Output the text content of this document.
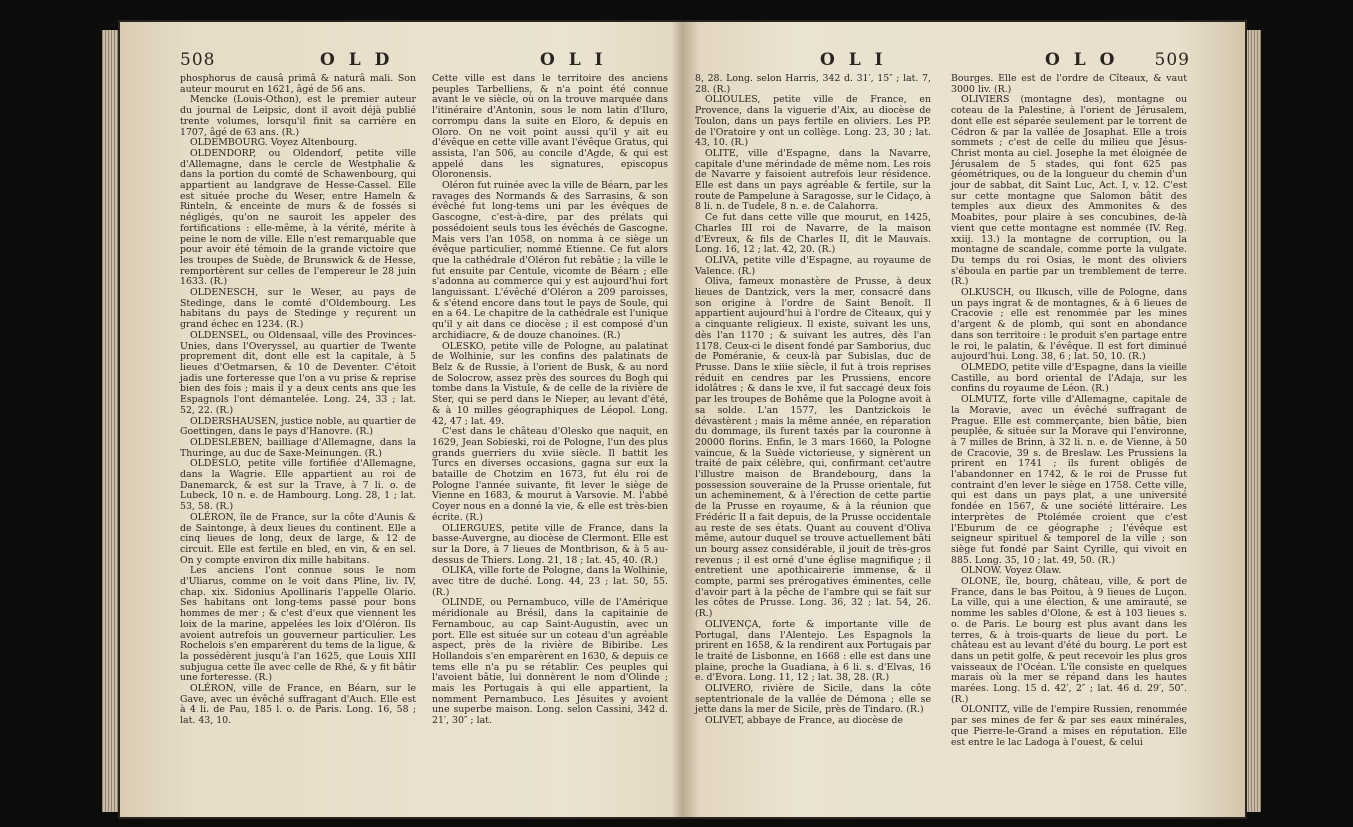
508	O L D	O L I

phosphorus de causâ primâ & naturâ mali. Son auteur mourut en 1621, âgé de 56 ans.

Mencke (Louis-Othon), est le premier auteur du journal de Leipsic, dont il avoit déjà publié trente volumes, lorsqu'il finit sa carrière en 1707, âgé de 63 ans. (R.)

OLDEMBOURG. Voyez Altenbourg.

OLDENDORP, ou Oldendorf, petite ville d'Allemagne, dans le cercle de Westphalie & dans la portion du comté de Schawenbourg, qui appartient au landgrave de Hesse-Cassel. Elle est située proche du Weser, entre Hameln & Rinteln, & enceinte de murs & de fossés si négligés, qu'on ne sauroit les appeler des fortifications : elle-même, à la vérité, mérite à peine le nom de ville. Elle n'est remarquable que pour avoir été témoin de la grande victoire que les troupes de Suède, de Brunswick & de Hesse, remportèrent sur celles de l'empereur le 28 juin 1633. (R.)

OLDENESCH, sur le Weser, au pays de Stedinge, dans le comté d'Oldembourg. Les habitans du pays de Stedinge y reçurent un grand échec en 1234. (R.)

OLDENSEL, ou Oldensaal, ville des Provinces-Unies, dans l'Overyssel, au quartier de Twente proprement dit, dont elle est la capitale, à 5 lieues d'Oetmarsen, & 10 de Deventer. C'étoit jadis une forteresse que l'on a vu prise & reprise bien des fois ; mais il y a deux cents ans que les Espagnols l'ont démantelée. Long. 24, 33 ; lat. 52, 22. (R.)

OLDERSHAUSEN, justice noble, au quartier de Goettingen, dans le pays d'Hanovre. (R.)

OLDESLEBEN, bailliage d'Allemagne, dans la Thuringe, au duc de Saxe-Meinungen. (R.)

OLDESLO, petite ville fortifiée d'Allemagne, dans la Wagrie. Elle appartient au roi de Danemarck, & est sur la Trave, à 7 li. o. de Lubeck, 10 n. e. de Hambourg. Long. 28, 1 ; lat. 53, 58. (R.)

OLÉRON, île de France, sur la côte d'Aunis & de Saintonge, à deux lieues du continent. Elle a cinq lieues de long, deux de large, & 12 de circuit. Elle est fertile en bled, en vin, & en sel. On y compte environ dix mille habitans.

Les anciens l'ont connue sous le nom d'Uliarus, comme on le voit dans Pline, liv. IV, chap. xix. Sidonius Apollinaris l'appelle Olario. Ses habitans ont long-tems passé pour bons hommes de mer ; & c'est d'eux que viennent les loix de la marine, appelées les loix d'Oléron. Ils avoient autrefois un gouverneur particulier. Les Rochelois s'en emparèrent du tems de la ligue, & la possédèrent jusqu'à l'an 1625, que Louis XIII subjugua cette île avec celle de Rhé, & y fit bâtir une forteresse. (R.)

OLÉRON, ville de France, en Béarn, sur le Gave, avec un évêché suffragant d'Auch. Elle est à 4 li. de Pau, 185 l. o. de Paris. Long. 16, 58 ; lat. 43, 10.

Cette ville est dans le territoire des anciens peuples Tarbelliens, & n'a point été connue avant le ve siècle, où on la trouve marquée dans l'itinéraire d'Antonin, sous le nom latin d'Iluro, corrompu dans la suite en Eloro, & depuis en Oloro. On ne voit point aussi qu'il y ait eu d'évêque en cette ville avant l'évêque Gratus, qui assista, l'an 506, au concile d'Agde, & qui est appelé dans les signatures, episcopus Oloronensis.

Oléron fut ruinée avec la ville de Béarn, par les ravages des Normands & des Sarrasins, & son évêché fut long-tems uni par les évêques de Gascogne, c'est-à-dire, par des prélats qui possédoient seuls tous les évêchés de Gascogne. Mais vers l'an 1058, on nomma à ce siège un évêque particulier, nommé Etienne. Ce fut alors que la cathédrale d'Oléron fut rebâtie ; la ville le fut ensuite par Centule, vicomte de Béarn ; elle s'adonna au commerce qui y est aujourd'hui fort languissant. L'évêché d'Oléron a 209 paroisses, & s'étend encore dans tout le pays de Soule, qui en a 64. Le chapitre de la cathédrale est l'unique qu'il y ait dans ce diocèse ; il est composé d'un archidiacre, & de douze chanoines. (R.)

OLESKO, petite ville de Pologne, au palatinat de Wolhinie, sur les confins des palatinats de Belz & de Russie, à l'orient de Busk, & au nord de Solocrow, assez près des sources du Bogh qui tombe dans la Vistule, & de celle de la rivière de Ster, qui se perd dans le Nieper, au levant d'été, & à 10 milles géographiques de Léopol. Long. 42, 47 ; lat. 49.

C'est dans le château d'Olesko que naquit, en 1629, Jean Sobieski, roi de Pologne, l'un des plus grands guerriers du xviie siècle. Il battit les Turcs en diverses occasions, gagna sur eux la bataille de Chotzim en 1673, fut élu roi de Pologne l'année suivante, fit lever le siège de Vienne en 1683, & mourut à Varsovie. M. l'abbé Coyer nous en a donné la vie, & elle est très-bien écrite. (R.)

OLIERGUES, petite ville de France, dans la basse-Auvergne, au diocèse de Clermont. Elle est sur la Dore, à 7 lieues de Montbrison, & à 5 au-dessus de Thiers. Long. 21, 18 ; lat. 45, 40. (R.)

OLIKA, ville forte de Pologne, dans la Wolhinie, avec titre de duché. Long. 44, 23 ; lat. 50, 55. (R.)

OLINDE, ou Pernambuco, ville de l'Amérique méridionale au Brésil, dans la capitainie de Fernambouc, au cap Saint-Augustin, avec un port. Elle est située sur un coteau d'un agréable aspect, près de la rivière de Bibiribe. Les Hollandois s'en emparèrent en 1630, & depuis ce tems elle n'a pu se rétablir. Ces peuples qui l'avoient bâtie, lui donnèrent le nom d'Olinde ; mais les Portugais à qui elle appartient, la nomment Pernambuco. Les Jésuites y avoient une superbe maison. Long. selon Cassini, 342 d. 21′, 30″ ; lat.

O L I	O L O 509

8, 28. Long. selon Harris, 342 d. 31′, 15″ ; lat. 7, 28. (R.)

OLIOULES, petite ville de France, en Provence, dans la viguerie d'Aix, au diocèse de Toulon, dans un pays fertile en oliviers. Les PP. de l'Oratoire y ont un collège. Long. 23, 30 ; lat. 43, 10. (R.)

OLITE, ville d'Espagne, dans la Navarre, capitale d'une mérindade de même nom. Les rois de Navarre y faisoient autrefois leur résidence. Elle est dans un pays agréable & fertile, sur la route de Pampelune à Saragosse, sur le Cidaço, à 8 li. n. de Tudele, 8 n. e. de Calahorra.

Ce fut dans cette ville que mourut, en 1425, Charles III roi de Navarre, de la maison d'Evreux, & fils de Charles II, dit le Mauvais. Long. 16, 12 ; lat. 42, 20. (R.)

OLIVA, petite ville d'Espagne, au royaume de Valence. (R.)

Oliva, fameux monastère de Prusse, à deux lieues de Dantzick, vers la mer, consacré dans son origine à l'ordre de Saint Benoît. Il appartient aujourd'hui à l'ordre de Cîteaux, qui y a cinquante religieux. Il existe, suivant les uns, dès l'an 1170 ; & suivant les autres, dès l'an 1178. Ceux-ci le disent fondé par Samborius, duc de Poméranie, & ceux-là par Subislas, duc de Prusse. Dans le xiiie siècle, il fut à trois reprises réduit en cendres par les Prussiens, encore idolâtres ; & dans le xve, il fut saccagé deux fois par les troupes de Bohême que la Pologne avoit à sa solde. L'an 1577, les Dantzickois le dévastèrent ; mais la même année, en réparation du dommage, ils furent taxés par la couronne à 20000 florins. Enfin, le 3 mars 1660, la Pologne vaincue, & la Suède victorieuse, y signèrent un traité de paix célèbre, qui, confirmant cet'autre l'illustre maison de Brandebourg, dans la possession souveraine de la Prusse orientale, fut un acheminement, & à l'érection de cette partie de la Prusse en royaume, & à la réunion que Frédéric II a fait depuis, de la Prusse occidentale au reste de ses états. Quant au couvent d'Oliva même, autour duquel se trouve actuellement bâti un bourg assez considérable, il jouit de très-gros revenus ; il est orné d'une église magnifique ; il entretient une apothicairerie immense, & il compte, parmi ses prérogatives éminentes, celle d'avoir part à la pêche de l'ambre qui se fait sur les côtes de Prusse. Long. 36, 32 ; lat. 54, 26. (R.)

OLIVENÇA, forte & importante ville de Portugal, dans l'Alentejo. Les Espagnols la prirent en 1658, & la rendirent aux Portugais par le traité de Lisbonne, en 1668 : elle est dans une plaine, proche la Guadiana, à 6 li. s. d'Elvas, 16 e. d'Evora. Long. 11, 12 ; lat. 38, 28. (R.)

OLIVERO, rivière de Sicile, dans la côte septentrionale de la vallée de Démona ; elle se jette dans la mer de Sicile, près de Tindaro. (R.)

OLIVET, abbaye de France, au diocèse de

Bourges. Elle est de l'ordre de Cîteaux, & vaut 3000 liv. (R.)

OLIVIERS (montagne des), montagne ou coteau de la Palestine, à l'orient de Jérusalem, dont elle est séparée seulement par le torrent de Cédron & par la vallée de Josaphat. Elle a trois sommets ; c'est de celle du milieu que Jésus-Christ monta au ciel. Josephe la met éloignée de Jérusalem de 5 stades, qui font 625 pas géométriques, ou de la longueur du chemin d'un jour de sabbat, dit Saint Luc, Act. I, v. 12. C'est sur cette montagne que Salomon bâtit des temples aux dieux des Ammonites & des Moabites, pour plaire à ses concubines, de-là vient que cette montagne est nommée (IV. Reg. xxiij. 13.) la montagne de corruption, ou la montagne de scandale, comme porte la vulgate. Du temps du roi Osias, le mont des oliviers s'éboula en partie par un tremblement de terre. (R.)

OLKUSCH, ou Ilkusch, ville de Pologne, dans un pays ingrat & de montagnes, & à 6 lieues de Cracovie ; elle est renommée par les mines d'argent & de plomb, qui sont en abondance dans son territoire : le produit s'en partage entre le roi, le palatin, & l'évêque. Il est fort diminué aujourd'hui. Long. 38, 6 ; lat. 50, 10. (R.)

OLMEDO, petite ville d'Espagne, dans la vieille Castille, au bord oriental de l'Adaja, sur les confins du royaume de Léon. (R.)

OLMUTZ, forte ville d'Allemagne, capitale de la Moravie, avec un évêché suffragant de Prague. Elle est commerçante, bien bâtie, bien peuplée, & située sur la Morave qui l'environne, à 7 milles de Brinn, à 32 li. n. e. de Vienne, à 50 de Cracovie, 39 s. de Breslaw. Les Prussiens la prirent en 1741 ; ils furent obligés de l'abandonner en 1742, & le roi de Prusse fut contraint d'en lever le siège en 1758. Cette ville, qui est dans un pays plat, a une université fondée en 1567, & une société littéraire. Les interprètes de Ptolémée croient que c'est l'Eburum de ce géographe ; l'évêque est seigneur spirituel & temporel de la ville ; son siège fut fondé par Saint Cyrille, qui vivoit en 885. Long. 35, 10 ; lat. 49, 50. (R.)

OLNOW. Voyez Olaw.

OLONE, île, bourg, château, ville, & port de France, dans le bas Poitou, à 9 lieues de Luçon. La ville, qui a une élection, & une amirauté, se nomme les sables d'Olone, & est à 103 lieues s. o. de Paris. Le bourg est plus avant dans les terres, & à trois-quarts de lieue du port. Le château est au levant d'été du bourg. Le port est dans un petit golfe, & peut recevoir les plus gros vaisseaux de l'Océan. L'île consiste en quelques marais où la mer se répand dans les hautes marées. Long. 15 d. 42′, 2″ ; lat. 46 d. 29′, 50″. (R.)

OLONITZ, ville de l'empire Russien, renommée par ses mines de fer & par ses eaux minérales, que Pierre-le-Grand a mises en réputation. Elle est entre le lac Ladoga à l'ouest, & celui
